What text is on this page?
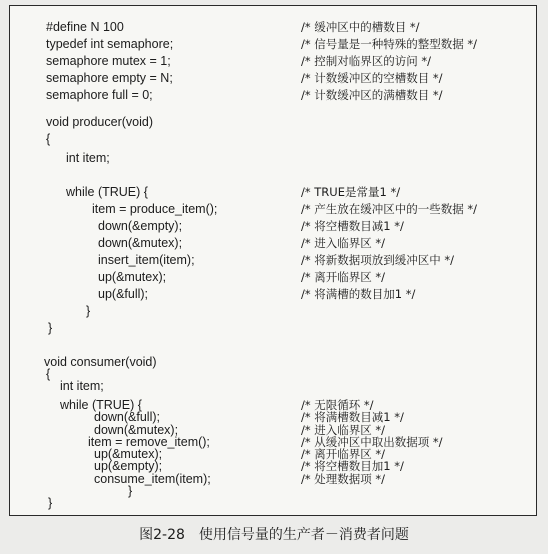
#define N 100	/* 缓冲区中的槽数目 */
typedef int semaphore;	/* 信号量是一种特殊的整型数据 */
semaphore mutex = 1;	/* 控制对临界区的访问 */
semaphore empty = N;	/* 计数缓冲区的空槽数目 */
semaphore full = 0;	/* 计数缓冲区的满槽数目 */
void producer(void)
{
int item;
while (TRUE) {	/* TRUE是常量1 */
item = produce_item();	/* 产生放在缓冲区中的一些数据 */
down(&empty);	/* 将空槽数目减1 */
down(&mutex);	/* 进入临界区 */
insert_item(item);	/* 将新数据项放到缓冲区中 */
up(&mutex);	/* 离开临界区 */
up(&full);	/* 将满槽的数目加1 */
}
}
void consumer(void)
{
int item;
while (TRUE) {	/* 无限循环 */
down(&full);	/* 将满槽数目减1 */
down(&mutex);	/* 进入临界区 */
item = remove_item();	/* 从缓冲区中取出数据项 */
up(&mutex);	/* 离开临界区 */
up(&empty);	/* 将空槽数目加1 */
consume_item(item);	/* 处理数据项 */
}
}
图2-28　使用信号量的生产者－消费者问题
